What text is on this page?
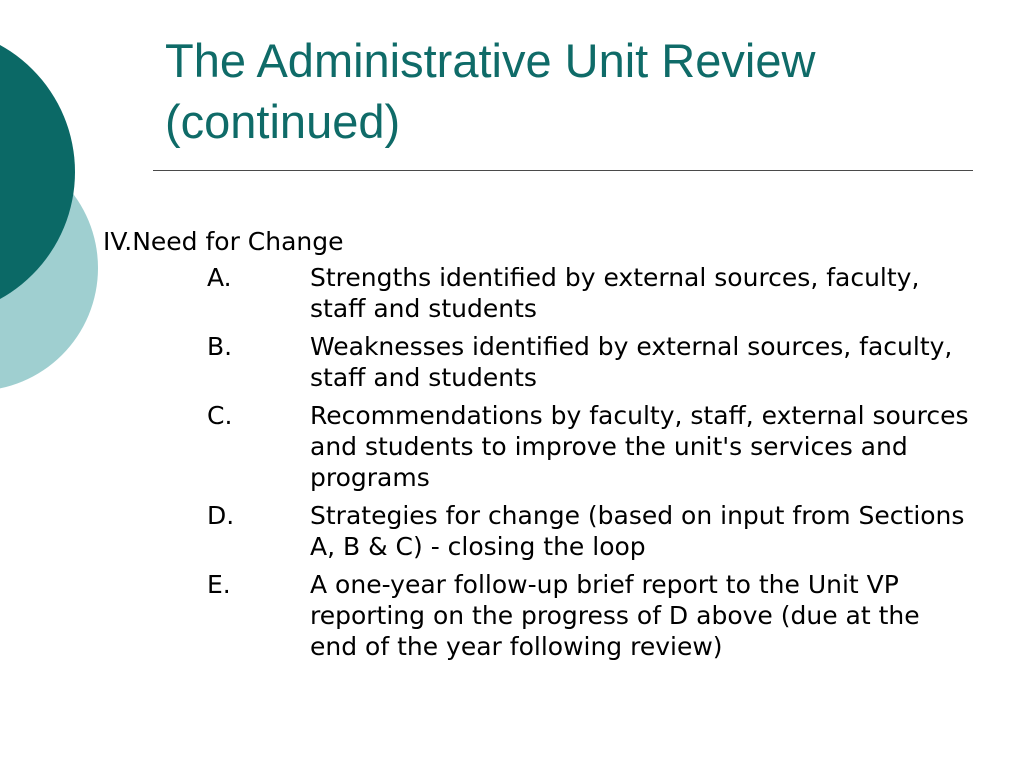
The Administrative Unit Review
(continued)
IV.Need for Change
A.	Strengths identified by external sources, faculty, staff and students
B.	Weaknesses identified by external sources, faculty, staff and students
C.	Recommendations by faculty, staff, external sources and students to improve the unit's services and programs
D.	Strategies for change (based on input from Sections A, B & C) - closing the loop
E.	A one-year follow-up brief report to the Unit VP reporting on the progress of D above (due at the end of the year following review)
